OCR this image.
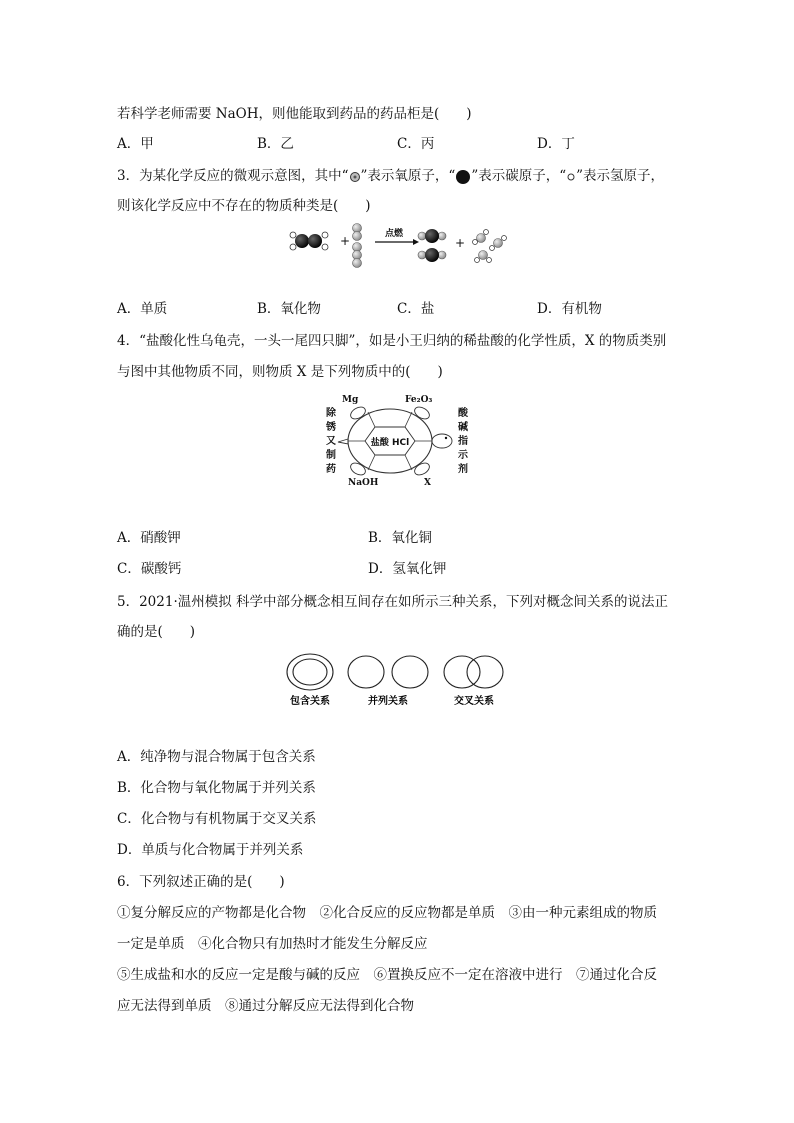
若科学老师需要 NaOH，则他能取到药品的药品柜是(　　)
A．甲	B．乙	C．丙	D．丁
3．为某化学反应的微观示意图，其中“ ”表示氧原子，“ ”表示碳原子，“ ”表示氢原子，
则该化学反应中不存在的物质种类是(　　)
+	点燃
+
A．单质	B．氧化物	C．盐	D．有机物
4．“盐酸化性乌龟壳，一头一尾四只脚”，如是小王归纳的稀盐酸的化学性质，X 的物质类别
与图中其他物质不同，则物质 X 是下列物质中的(　　)
Mg	Fe₂O₃
除
锈
又
制
药
酸
碱
指
示
剂
盐酸 HCl
NaOH	X
A．硝酸钾	B．氧化铜
C．碳酸钙	D．氢氧化钾
5．2021·温州模拟 科学中部分概念相互间存在如所示三种关系，下列对概念间关系的说法正
确的是(　　)
包含关系	并列关系	交叉关系
A．纯净物与混合物属于包含关系
B．化合物与氧化物属于并列关系
C．化合物与有机物属于交叉关系
D．单质与化合物属于并列关系
6．下列叙述正确的是(　　)
①复分解反应的产物都是化合物　②化合反应的反应物都是单质　③由一种元素组成的物质
一定是单质　④化合物只有加热时才能发生分解反应
⑤生成盐和水的反应一定是酸与碱的反应　⑥置换反应不一定在溶液中进行　⑦通过化合反
应无法得到单质　⑧通过分解反应无法得到化合物
